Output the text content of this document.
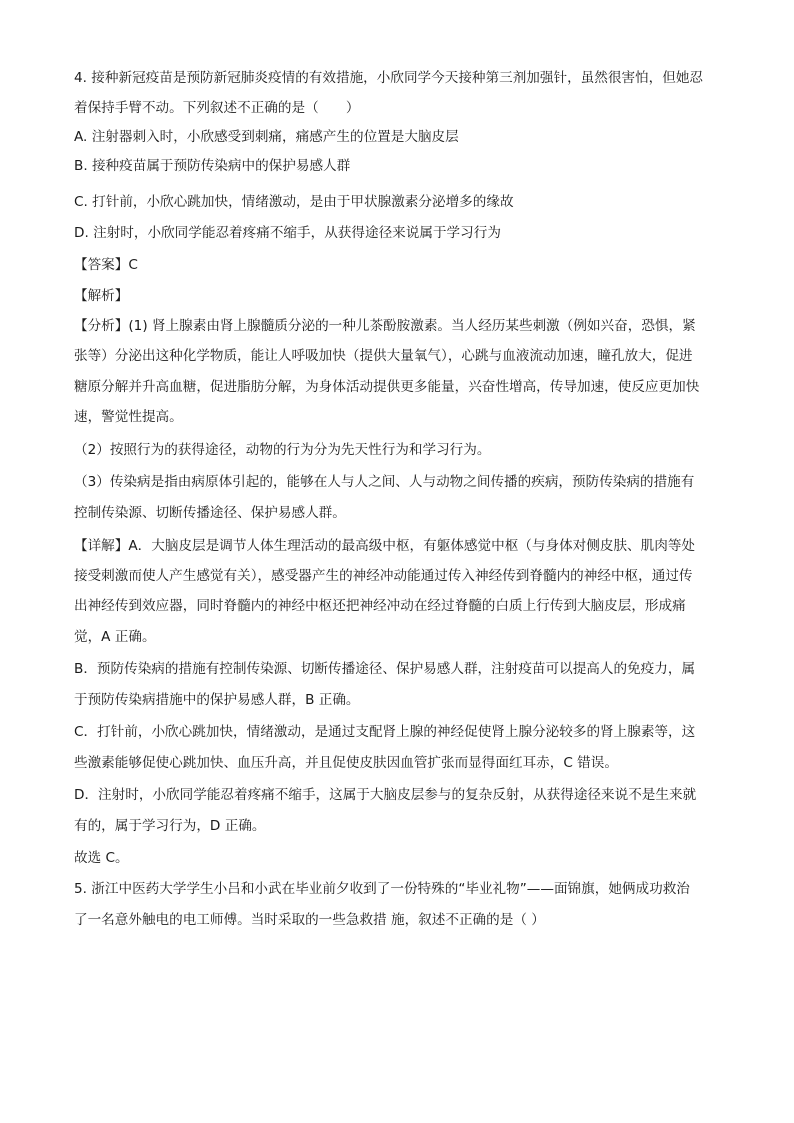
4. 接种新冠疫苗是预防新冠肺炎疫情的有效措施，小欣同学今天接种第三剂加强针，虽然很害怕，但她忍
着保持手臂不动。下列叙述不正确的是（　　）
A. 注射器刺入时，小欣感受到刺痛，痛感产生的位置是大脑皮层
B. 接种疫苗属于预防传染病中的保护易感人群
C. 打针前，小欣心跳加快，情绪激动，是由于甲状腺激素分泌增多的缘故
D. 注射时，小欣同学能忍着疼痛不缩手，从获得途径来说属于学习行为
【答案】C
【解析】
【分析】(1) 肾上腺素由肾上腺髓质分泌的一种儿茶酚胺激素。当人经历某些刺激（例如兴奋，恐惧，紧
张等）分泌出这种化学物质，能让人呼吸加快（提供大量氧气），心跳与血液流动加速，瞳孔放大，促进
糖原分解并升高血糖，促进脂肪分解，为身体活动提供更多能量，兴奋性增高，传导加速，使反应更加快
速，警觉性提高。
（2）按照行为的获得途径，动物的行为分为先天性行为和学习行为。
（3）传染病是指由病原体引起的，能够在人与人之间、人与动物之间传播的疾病，预防传染病的措施有
控制传染源、切断传播途径、保护易感人群。
【详解】A．大脑皮层是调节人体生理活动的最高级中枢，有躯体感觉中枢（与身体对侧皮肤、肌肉等处
接受刺激而使人产生感觉有关），感受器产生的神经冲动能通过传入神经传到脊髓内的神经中枢，通过传
出神经传到效应器，同时脊髓内的神经中枢还把神经冲动在经过脊髓的白质上行传到大脑皮层，形成痛
觉，A 正确。
B．预防传染病的措施有控制传染源、切断传播途径、保护易感人群，注射疫苗可以提高人的免疫力，属
于预防传染病措施中的保护易感人群，B 正确。
C．打针前，小欣心跳加快，情绪激动，是通过支配肾上腺的神经促使肾上腺分泌较多的肾上腺素等，这
些激素能够促使心跳加快、血压升高，并且促使皮肤因血管扩张而显得面红耳赤，C 错误。
D．注射时，小欣同学能忍着疼痛不缩手，这属于大脑皮层参与的复杂反射，从获得途径来说不是生来就
有的，属于学习行为，D 正确。
故选 C。
5. 浙江中医药大学学生小吕和小武在毕业前夕收到了一份特殊的“毕业礼物”——面锦旗，她俩成功救治
了一名意外触电的电工师傅。当时采取的一些急救措 施，叙述不正确的是（ ）
